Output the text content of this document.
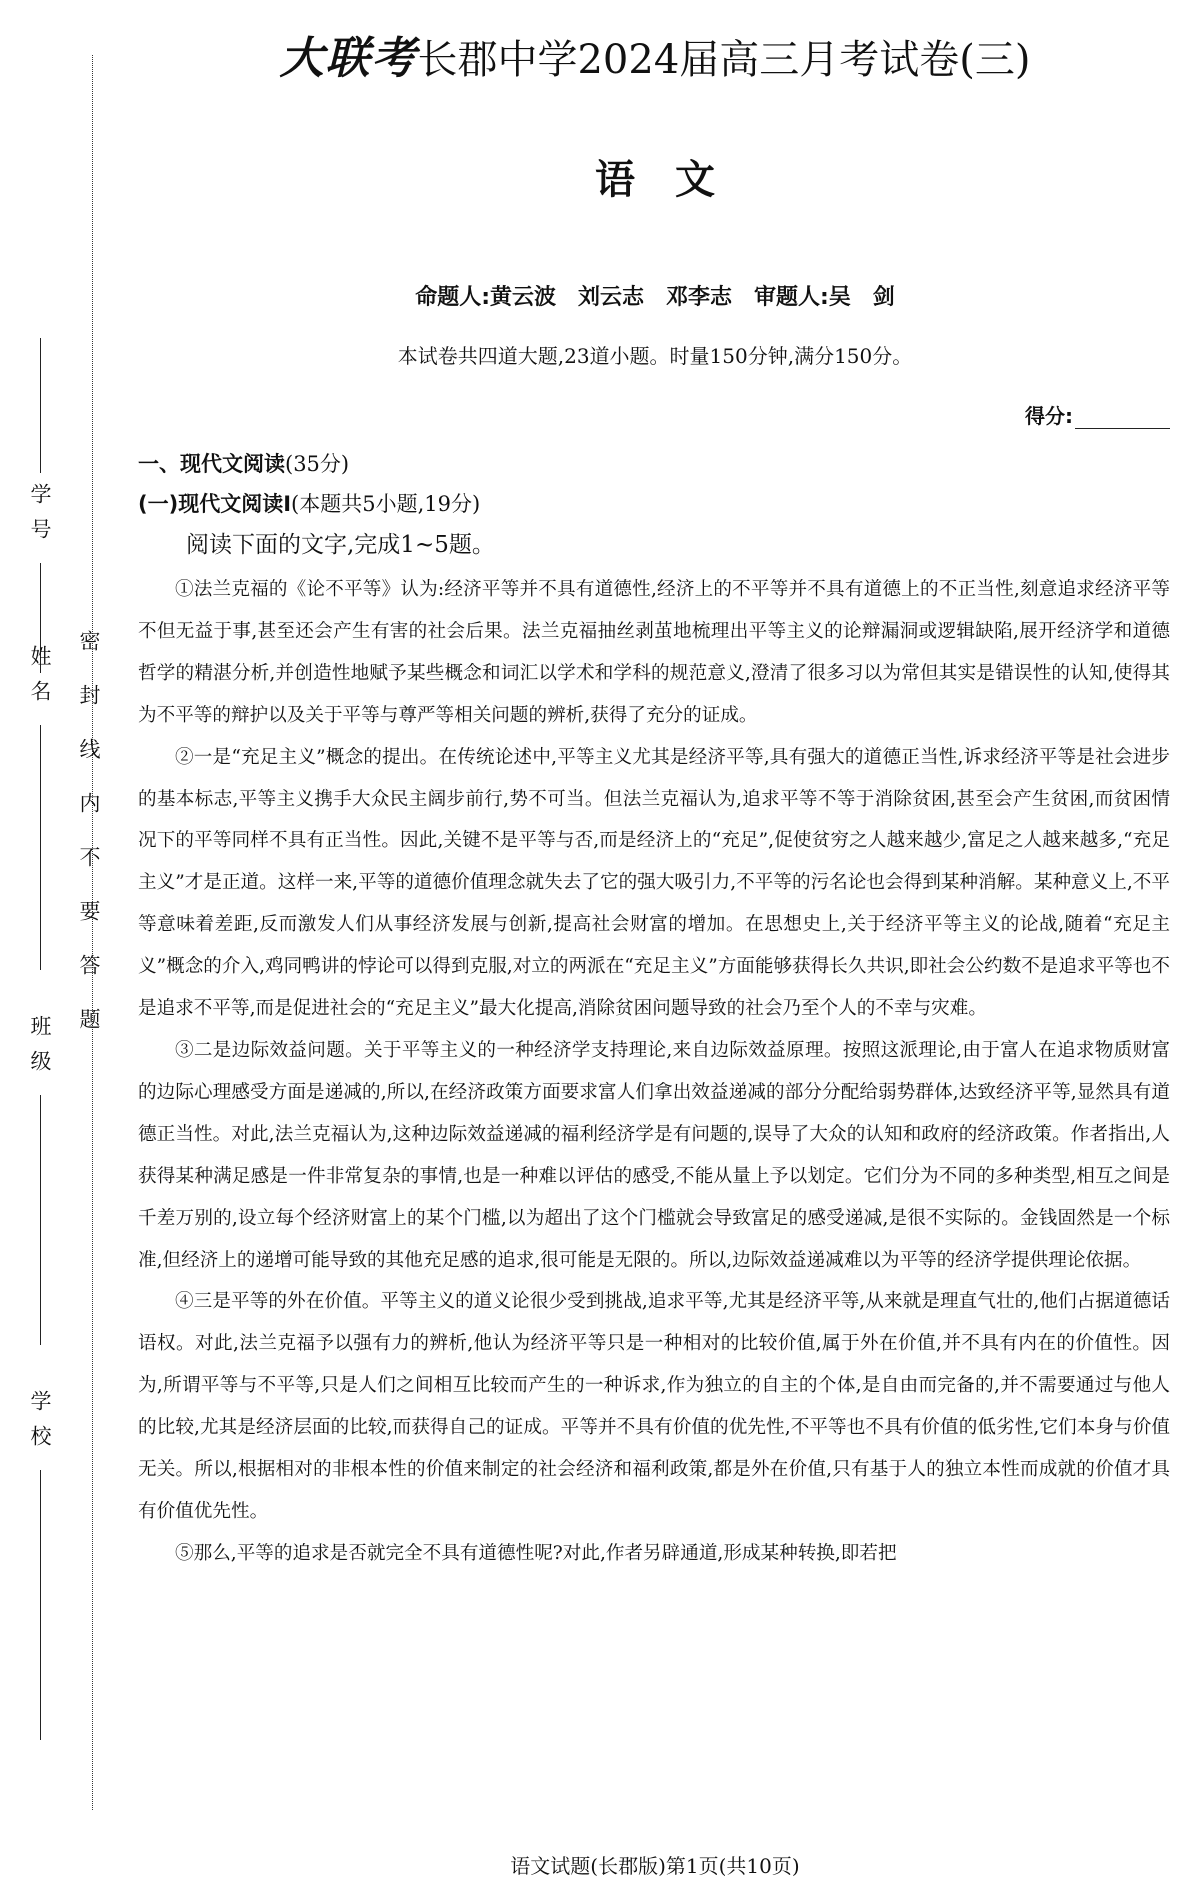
学号
姓名
班级
学校
密封线内不要答题
大联考长郡中学2024届高三月考试卷(三)
语文
命题人:黄云波　刘云志　邓李志　审题人:吴　剑
本试卷共四道大题,23道小题。时量150分钟,满分150分。
得分:

一、现代文阅读(35分)

(一)现代文阅读Ⅰ(本题共5小题,19分)

阅读下面的文字,完成1~5题。

①法兰克福的《论不平等》认为:经济平等并不具有道德性,经济上的不平等并不具有道德上的不正当性,刻意追求经济平等不但无益于事,甚至还会产生有害的社会后果。法兰克福抽丝剥茧地梳理出平等主义的论辩漏洞或逻辑缺陷,展开经济学和道德哲学的精湛分析,并创造性地赋予某些概念和词汇以学术和学科的规范意义,澄清了很多习以为常但其实是错误性的认知,使得其为不平等的辩护以及关于平等与尊严等相关问题的辨析,获得了充分的证成。

②一是“充足主义”概念的提出。在传统论述中,平等主义尤其是经济平等,具有强大的道德正当性,诉求经济平等是社会进步的基本标志,平等主义携手大众民主阔步前行,势不可当。但法兰克福认为,追求平等不等于消除贫困,甚至会产生贫困,而贫困情况下的平等同样不具有正当性。因此,关键不是平等与否,而是经济上的“充足”,促使贫穷之人越来越少,富足之人越来越多,“充足主义”才是正道。这样一来,平等的道德价值理念就失去了它的强大吸引力,不平等的污名论也会得到某种消解。某种意义上,不平等意味着差距,反而激发人们从事经济发展与创新,提高社会财富的增加。在思想史上,关于经济平等主义的论战,随着“充足主义”概念的介入,鸡同鸭讲的悖论可以得到克服,对立的两派在“充足主义”方面能够获得长久共识,即社会公约数不是追求平等也不是追求不平等,而是促进社会的“充足主义”最大化提高,消除贫困问题导致的社会乃至个人的不幸与灾难。

③二是边际效益问题。关于平等主义的一种经济学支持理论,来自边际效益原理。按照这派理论,由于富人在追求物质财富的边际心理感受方面是递减的,所以,在经济政策方面要求富人们拿出效益递减的部分分配给弱势群体,达致经济平等,显然具有道德正当性。对此,法兰克福认为,这种边际效益递减的福利经济学是有问题的,误导了大众的认知和政府的经济政策。作者指出,人获得某种满足感是一件非常复杂的事情,也是一种难以评估的感受,不能从量上予以划定。它们分为不同的多种类型,相互之间是千差万别的,设立每个经济财富上的某个门槛,以为超出了这个门槛就会导致富足的感受递减,是很不实际的。金钱固然是一个标准,但经济上的递增可能导致的其他充足感的追求,很可能是无限的。所以,边际效益递减难以为平等的经济学提供理论依据。

④三是平等的外在价值。平等主义的道义论很少受到挑战,追求平等,尤其是经济平等,从来就是理直气壮的,他们占据道德话语权。对此,法兰克福予以强有力的辨析,他认为经济平等只是一种相对的比较价值,属于外在价值,并不具有内在的价值性。因为,所谓平等与不平等,只是人们之间相互比较而产生的一种诉求,作为独立的自主的个体,是自由而完备的,并不需要通过与他人的比较,尤其是经济层面的比较,而获得自己的证成。平等并不具有价值的优先性,不平等也不具有价值的低劣性,它们本身与价值无关。所以,根据相对的非根本性的价值来制定的社会经济和福利政策,都是外在价值,只有基于人的独立本性而成就的价值才具有价值优先性。

⑤那么,平等的追求是否就完全不具有道德性呢?对此,作者另辟通道,形成某种转换,即若把

语文试题(长郡版)第1页(共10页)
